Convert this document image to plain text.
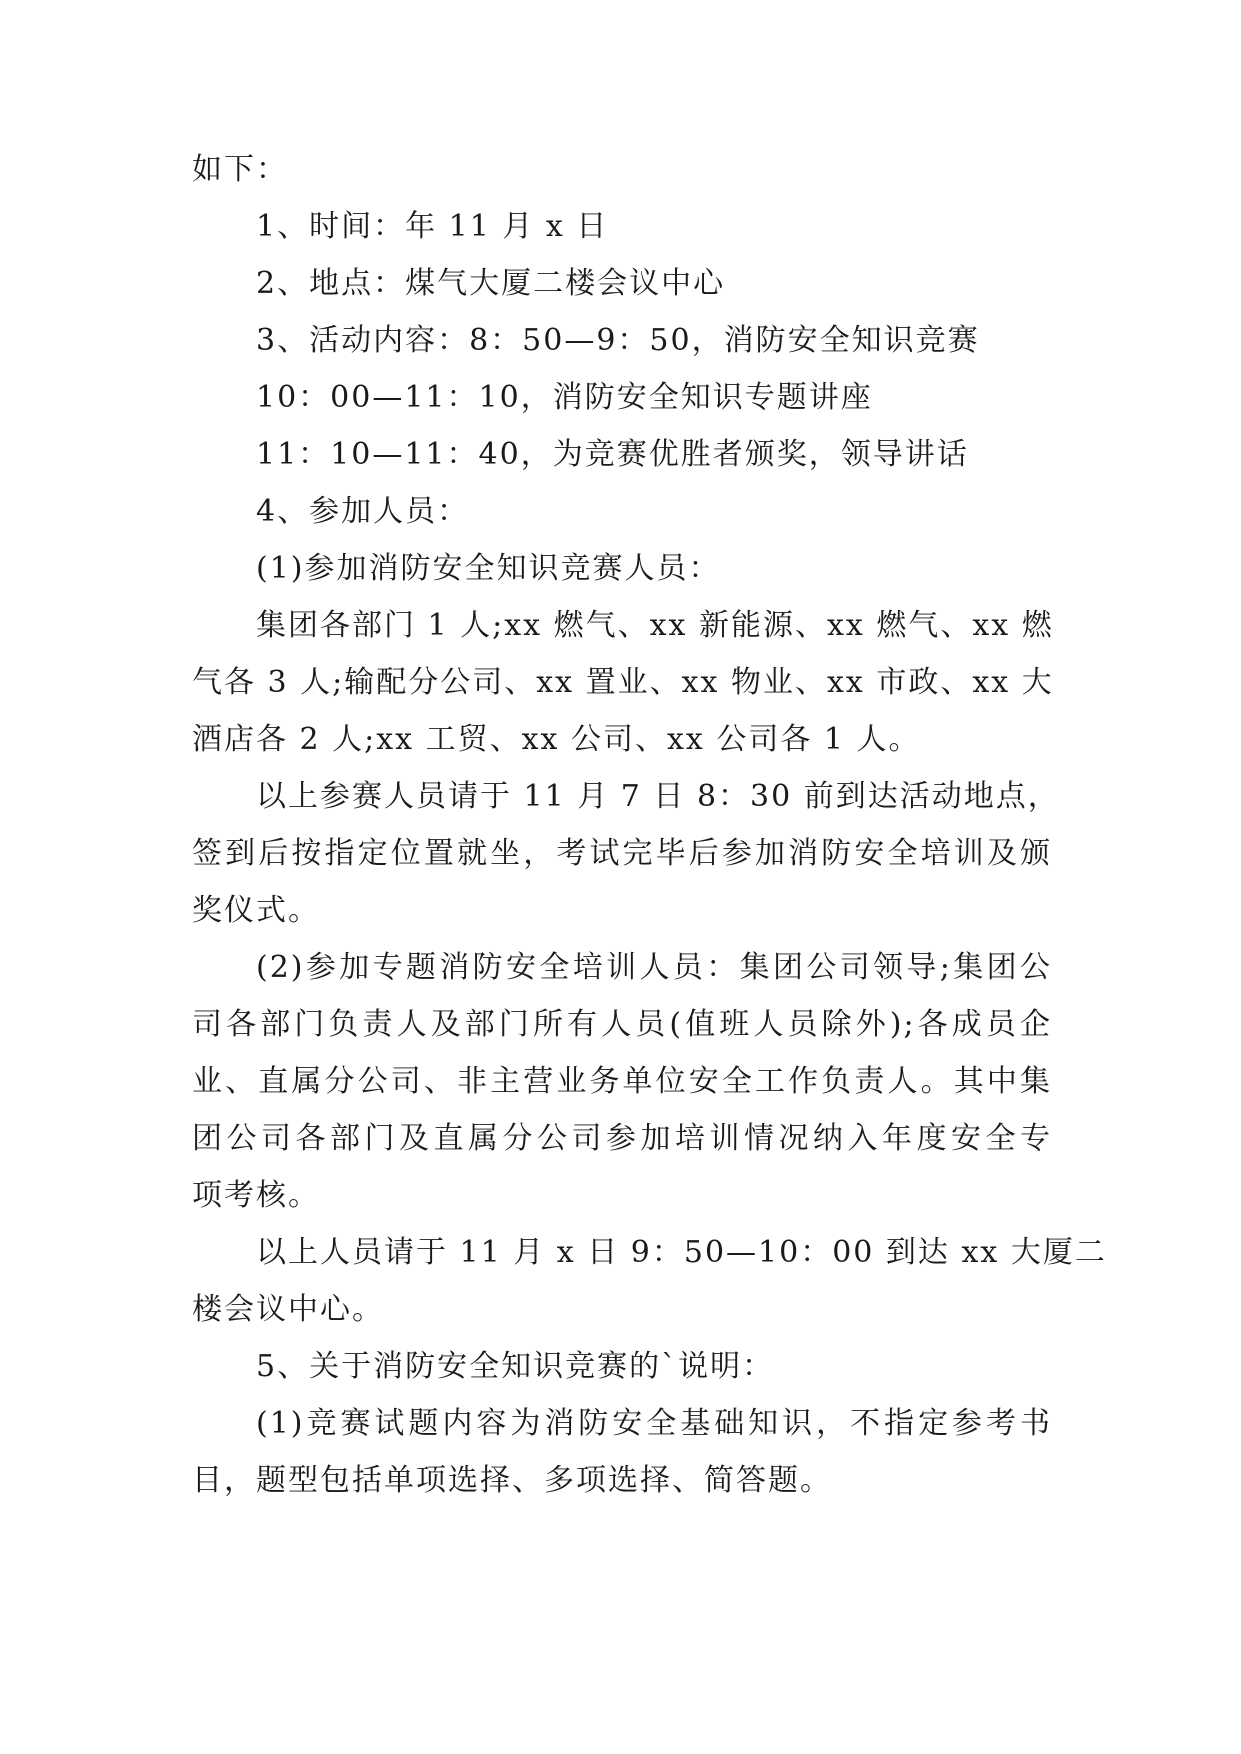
如下：
1、时间：年 11 月 x 日
2、地点：煤气大厦二楼会议中心
3、活动内容：8：50—9：50，消防安全知识竞赛
10：00—11：10，消防安全知识专题讲座
11：10—11：40，为竞赛优胜者颁奖，领导讲话
4、参加人员：
(1)参加消防安全知识竞赛人员：
集团各部门 1 人;xx 燃气、xx 新能源、xx 燃气、xx 燃
气各 3 人;输配分公司、xx 置业、xx 物业、xx 市政、xx 大
酒店各 2 人;xx 工贸、xx 公司、xx 公司各 1 人。
以上参赛人员请于 11 月 7 日 8：30 前到达活动地点，
签到后按指定位置就坐，考试完毕后参加消防安全培训及颁
奖仪式。
(2)参加专题消防安全培训人员：集团公司领导;集团公
司各部门负责人及部门所有人员(值班人员除外);各成员企
业、直属分公司、非主营业务单位安全工作负责人。其中集
团公司各部门及直属分公司参加培训情况纳入年度安全专
项考核。
以上人员请于 11 月 x 日 9：50—10：00 到达 xx 大厦二
楼会议中心。
5、关于消防安全知识竞赛的`说明：
(1)竞赛试题内容为消防安全基础知识，不指定参考书
目，题型包括单项选择、多项选择、简答题。
